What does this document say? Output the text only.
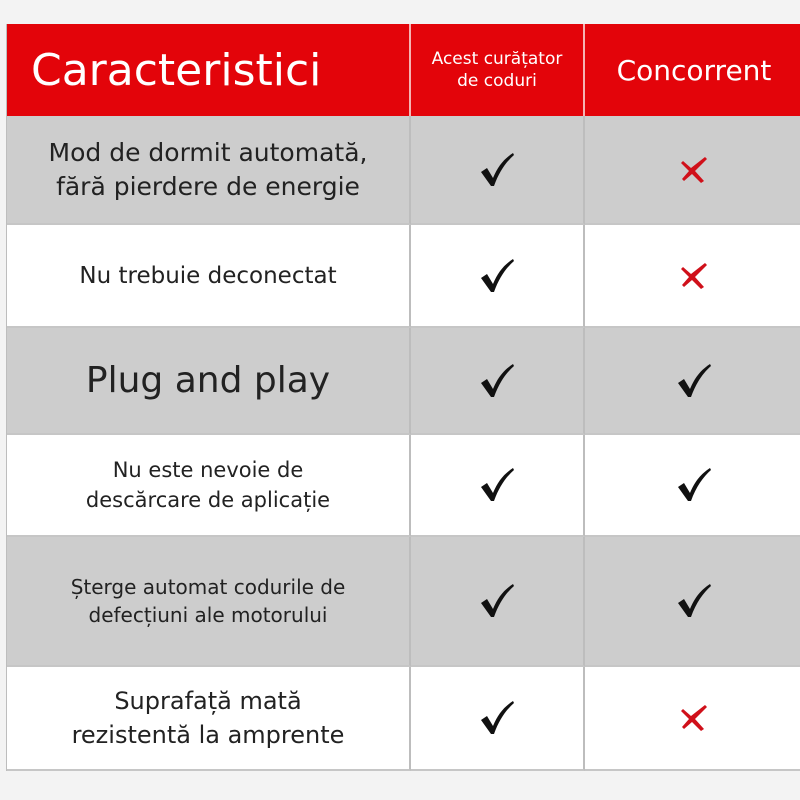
Caracteristici	Acest curățator
de coduri	Concorrent
Mod de dormit automată,
fără pierdere de energie
Nu trebuie deconectat
Plug and play
Nu este nevoie de
descărcare de aplicație
Șterge automat codurile de
defecțiuni ale motorului
Suprafață mată
rezistentă la amprente
